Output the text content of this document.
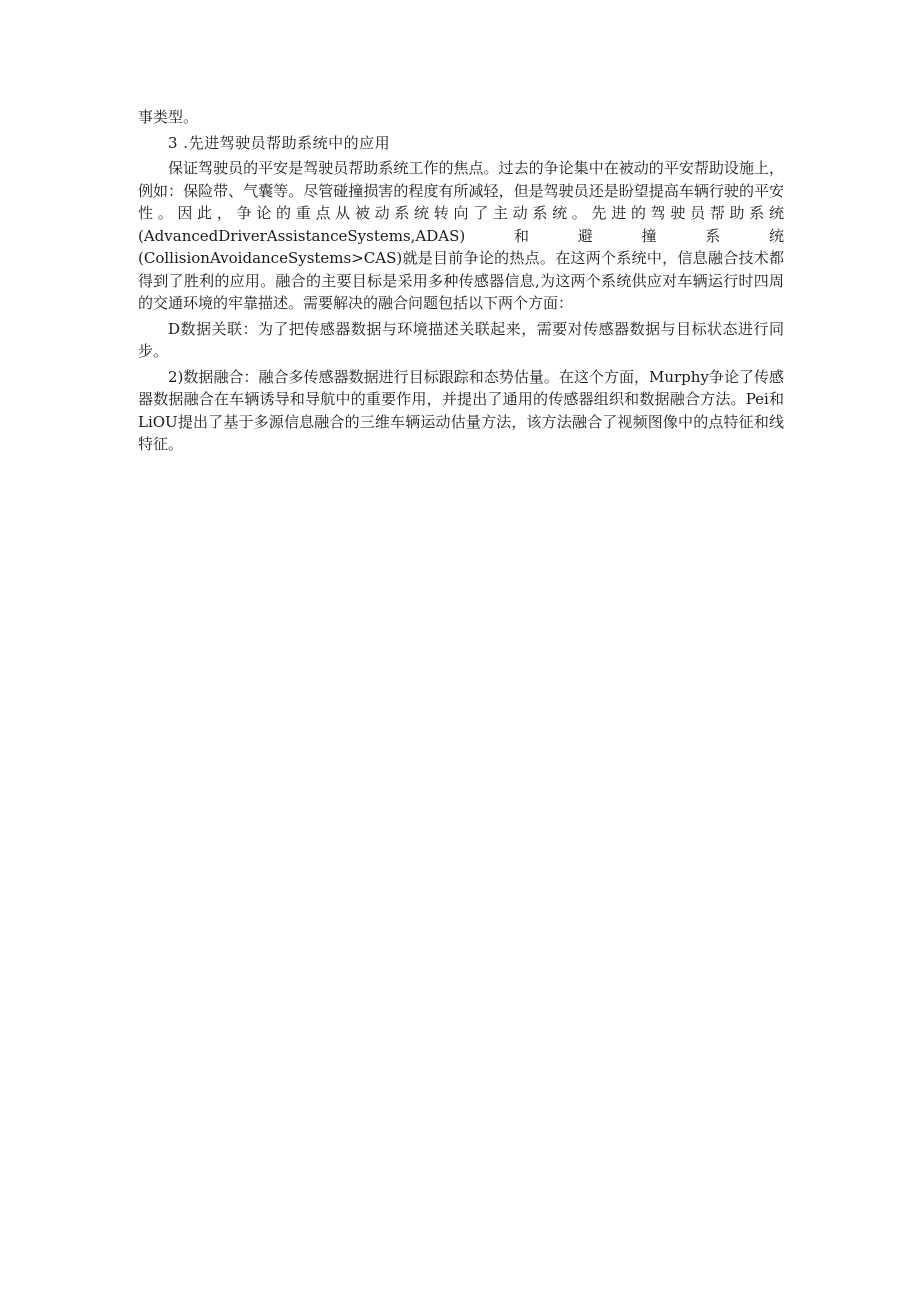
事类型。

3 .先进驾驶员帮助系统中的应用

保证驾驶员的平安是驾驶员帮助系统工作的焦点。过去的争论集中在被动的平安帮助设施上，例如：保险带、气囊等。尽管碰撞损害的程度有所减轻，但是驾驶员还是盼望提高车辆行驶的平安性。因此，争论的重点从被动系统转向了主动系统。先进的驾驶员帮助系统(AdvancedDriverAssistanceSystems,ADAS)和避撞系统(CollisionAvoidanceSystems>CAS)就是目前争论的热点。在这两个系统中，信息融合技术都得到了胜利的应用。融合的主要目标是采用多种传感器信息,为这两个系统供应对车辆运行时四周的交通环境的牢靠描述。需要解决的融合问题包括以下两个方面：

D数据关联：为了把传感器数据与环境描述关联起来，需要对传感器数据与目标状态进行同步。

2)数据融合：融合多传感器数据进行目标跟踪和态势估量。在这个方面，Murphy争论了传感器数据融合在车辆诱导和导航中的重要作用，并提出了通用的传感器组织和数据融合方法。Pei和LiOU提出了基于多源信息融合的三维车辆运动估量方法，该方法融合了视频图像中的点特征和线特征。
